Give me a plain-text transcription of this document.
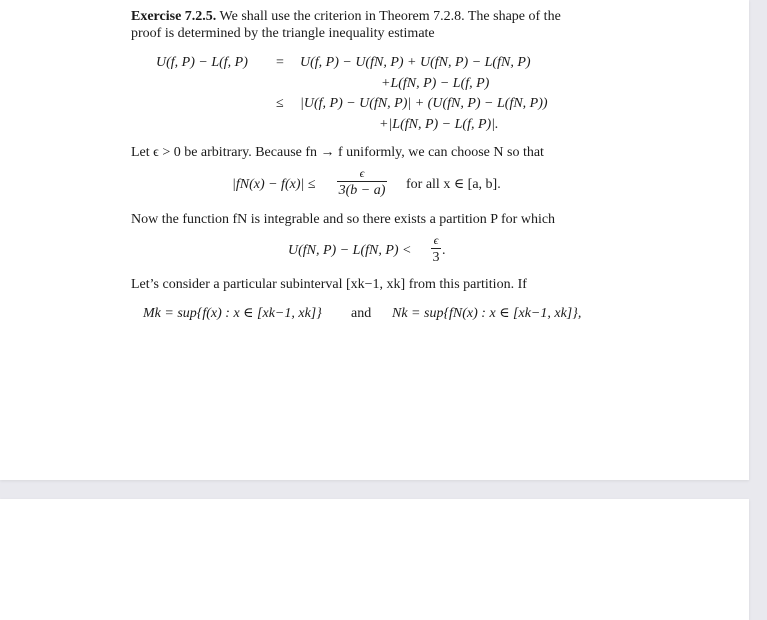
Exercise 7.2.5. We shall use the criterion in Theorem 7.2.8. The shape of the
proof is determined by the triangle inequality estimate
U(f, P) − L(f, P) = U(f, P) − U(fN, P) + U(fN, P) − L(fN, P)
+L(fN, P) − L(f, P)
≤ |U(f, P) − U(fN, P)| + (U(fN, P) − L(fN, P))
+|L(fN, P) − L(f, P)|.
Let ϵ > 0 be arbitrary. Because fn → f uniformly, we can choose N so that
|fN(x) − f(x)| ≤
ϵ
3(b − a) for all x ∈ [a, b].
Now the function fN is integrable and so there exists a partition P for which
U(fN, P) − L(fN, P) <
ϵ
3 .
Let’s consider a particular subinterval [xk−1, xk] from this partition. If
Mk = sup{f(x) : x ∈ [xk−1, xk]} and Nk = sup{fN(x) : x ∈ [xk−1, xk]},
